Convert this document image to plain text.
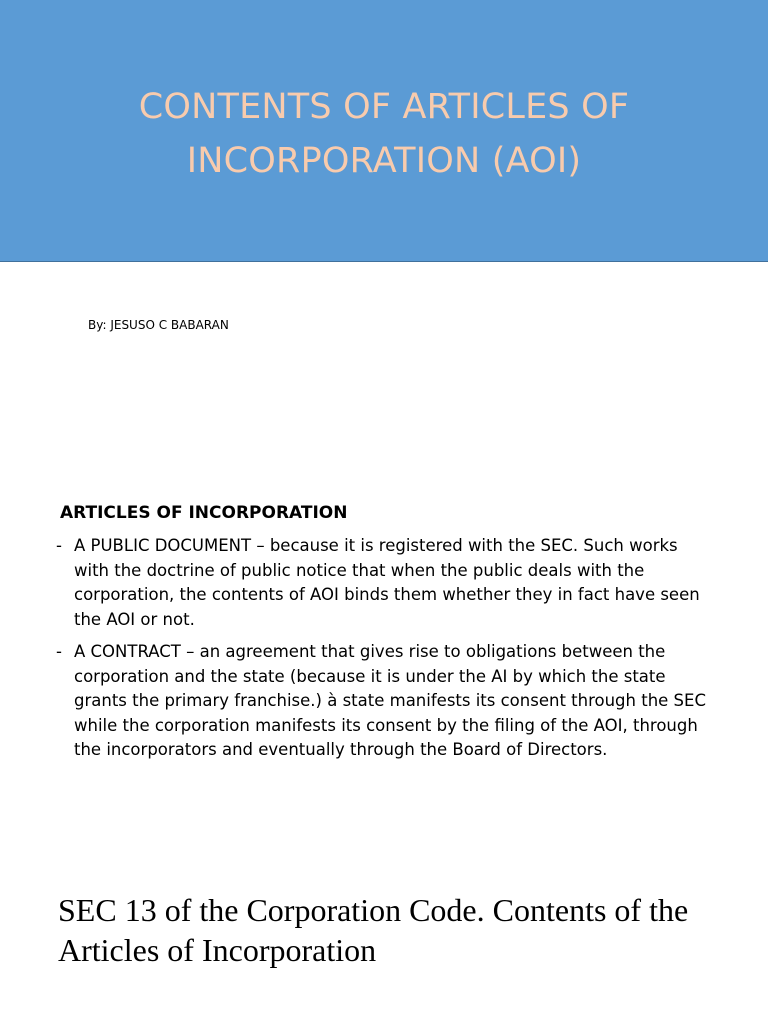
CONTENTS OF ARTICLES OF
INCORPORATION (AOI)
By: JESUSO C BABARAN
ARTICLES OF INCORPORATION
- A PUBLIC DOCUMENT – because it is registered with the SEC. Such works with the doctrine of public notice that when the public deals with the corporation, the contents of AOI binds them whether they in fact have seen the AOI or not.
- A CONTRACT – an agreement that gives rise to obligations between the corporation and the state (because it is under the AI by which the state grants the primary franchise.) à state manifests its consent through the SEC while the corporation manifests its consent by the filing of the AOI, through the incorporators and eventually through the Board of Directors.
SEC 13 of the Corporation Code. Contents of the Articles of Incorporation
